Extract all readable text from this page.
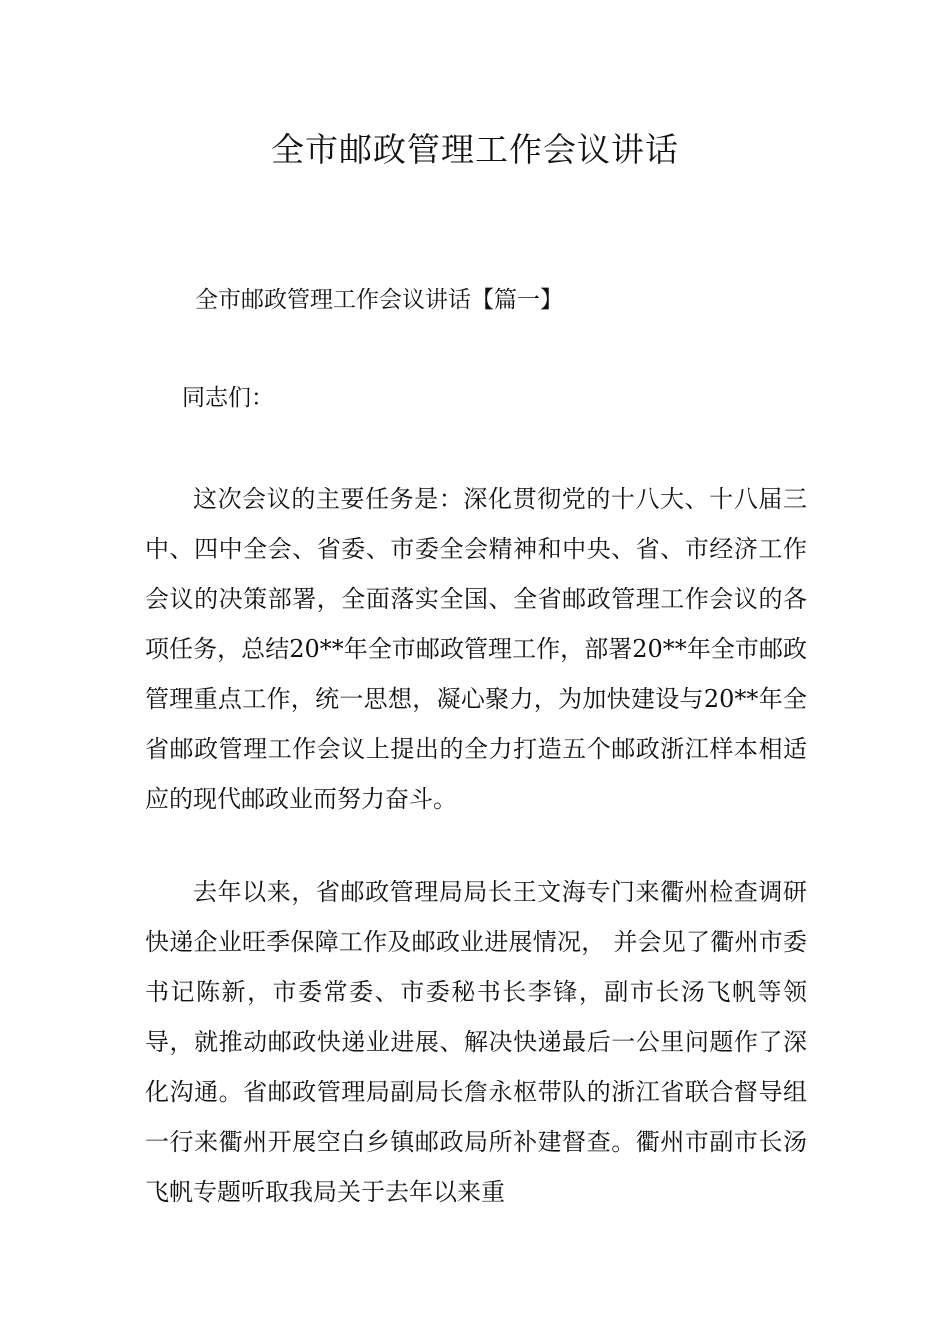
全市邮政管理工作会议讲话

全市邮政管理工作会议讲话【篇一】

同志们：

这次会议的主要任务是：深化贯彻党的十八大、十八届三中、四中全会、省委、市委全会精神和中央、省、市经济工作会议的决策部署，全面落实全国、全省邮政管理工作会议的各项任务，总结20**年全市邮政管理工作，部署20**年全市邮政管理重点工作，统一思想，凝心聚力，为加快建设与20**年全省邮政管理工作会议上提出的全力打造五个邮政浙江样本相适应的现代邮政业而努力奋斗。

去年以来，省邮政管理局局长王文海专门来衢州检查调研快递企业旺季保障工作及邮政业进展情况， 并会见了衢州市委书记陈新，市委常委、市委秘书长李锋，副市长汤飞帆等领导，就推动邮政快递业进展、解决快递最后一公里问题作了深化沟通。省邮政管理局副局长詹永枢带队的浙江省联合督导组一行来衢州开展空白乡镇邮政局所补建督查。衢州市副市长汤飞帆专题听取我局关于去年以来重
